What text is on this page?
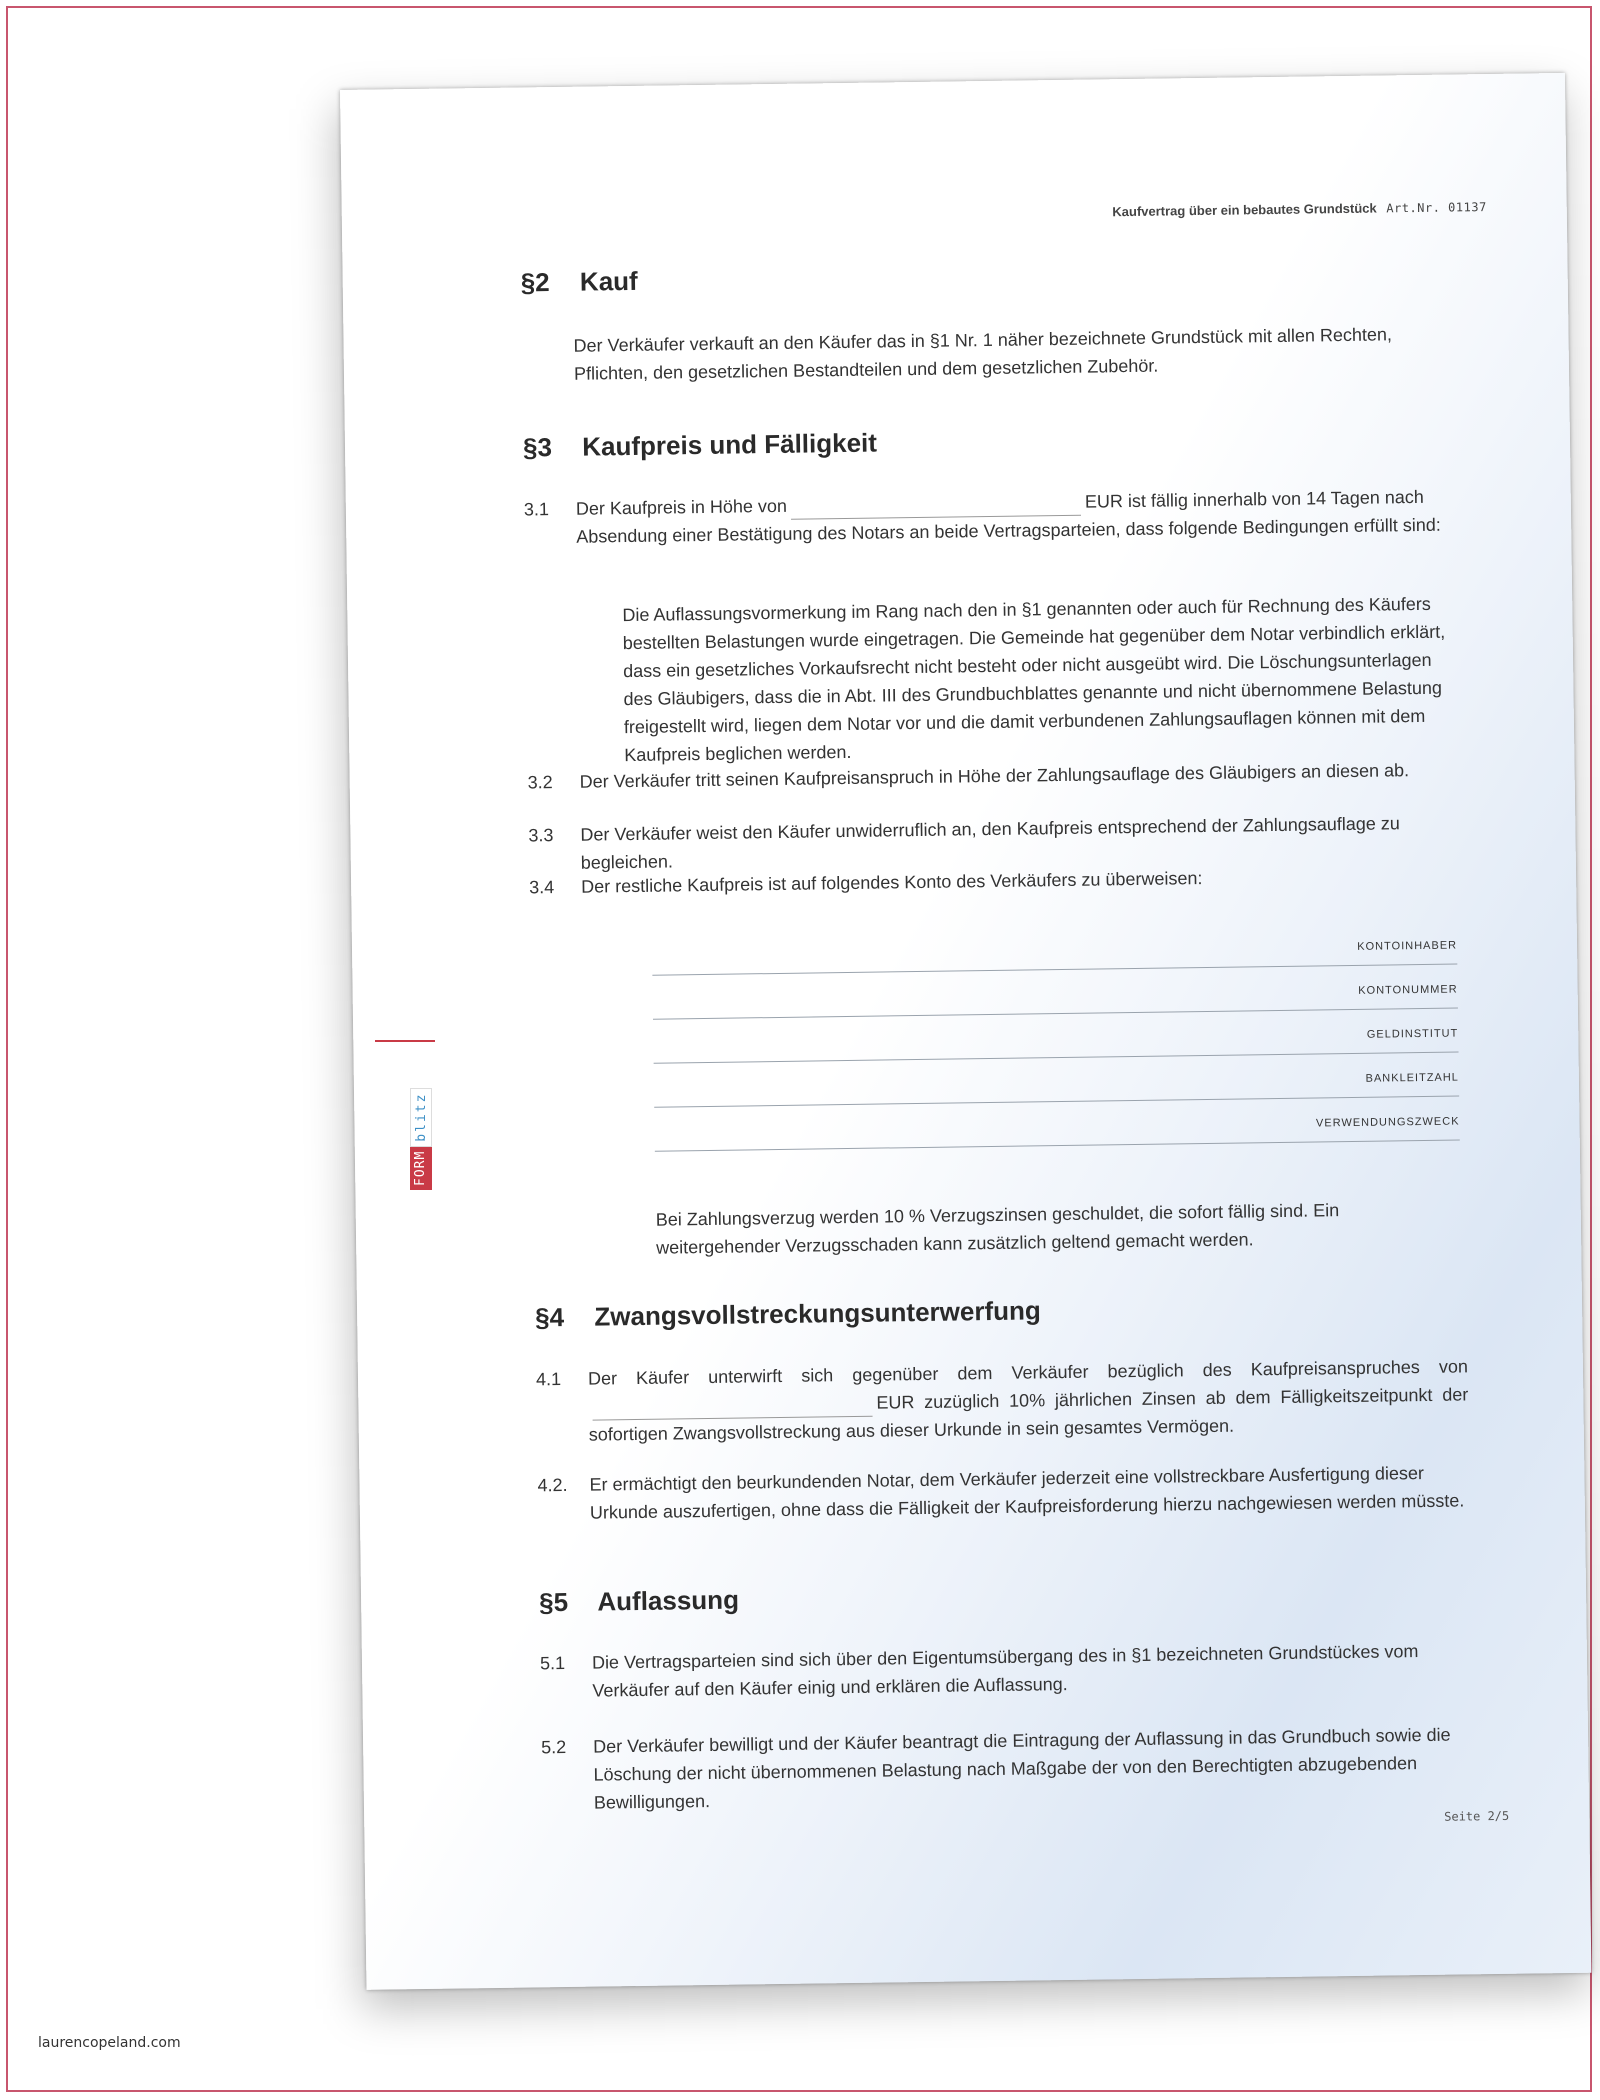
Kaufvertrag über ein bebautes Grundstück Art.Nr. 01137
§2 Kauf
Der Verkäufer verkauft an den Käufer das in §1 Nr. 1 näher bezeichnete Grundstück mit allen Rechten, Pflichten, den gesetzlichen Bestandteilen und dem gesetzlichen Zubehör.
§3 Kaufpreis und Fälligkeit
3.1 Der Kaufpreis in Höhe von	EUR ist fällig innerhalb von 14 Tagen nach Absendung einer Bestätigung des Notars an beide Vertragsparteien, dass folgende Bedingungen erfüllt sind:
Die Auflassungsvormerkung im Rang nach den in §1 genannten oder auch für Rechnung des Käufers bestellten Belastungen wurde eingetragen. Die Gemeinde hat gegenüber dem Notar verbindlich erklärt, dass ein gesetzliches Vorkaufsrecht nicht besteht oder nicht ausgeübt wird. Die Löschungsunterlagen des Gläubigers, dass die in Abt. III des Grundbuchblattes genannte und nicht übernommene Belastung freigestellt wird, liegen dem Notar vor und die damit verbundenen Zahlungsauflagen können mit dem Kaufpreis beglichen werden.
3.2 Der Verkäufer tritt seinen Kaufpreisanspruch in Höhe der Zahlungsauflage des Gläubigers an diesen ab.
3.3 Der Verkäufer weist den Käufer unwiderruflich an, den Kaufpreis entsprechend der Zahlungsauflage zu begleichen.
3.4 Der restliche Kaufpreis ist auf folgendes Konto des Verkäufers zu überweisen:
KONTOINHABER
KONTONUMMER
GELDINSTITUT
BANKLEITZAHL
VERWENDUNGSZWECK
Bei Zahlungsverzug werden 10 % Verzugszinsen geschuldet, die sofort fällig sind. Ein weitergehender Verzugsschaden kann zusätzlich geltend gemacht werden.
§4 Zwangsvollstreckungsunterwerfung
4.1 Der Käufer unterwirft sich gegenüber dem Verkäufer bezüglich des Kaufpreisanspruches vonEUR zuzüglich 10% jährlichen Zinsen ab dem Fälligkeitszeitpunkt der sofortigen Zwangsvollstreckung aus dieser Urkunde in sein gesamtes Vermögen.
4.2. Er ermächtigt den beurkundenden Notar, dem Verkäufer jederzeit eine vollstreckbare Ausfertigung dieser Urkunde auszufertigen, ohne dass die Fälligkeit der Kaufpreisforderung hierzu nachgewiesen werden müsste.
§5 Auflassung
5.1 Die Vertragsparteien sind sich über den Eigentumsübergang des in §1 bezeichneten Grundstückes vom Verkäufer auf den Käufer einig und erklären die Auflassung.
5.2 Der Verkäufer bewilligt und der Käufer beantragt die Eintragung der Auflassung in das Grundbuch sowie die Löschung der nicht übernommenen Belastung nach Maßgabe der von den Berechtigten abzugebenden Bewilligungen.
Seite 2/5
FORM
blitz
laurencopeland.com
